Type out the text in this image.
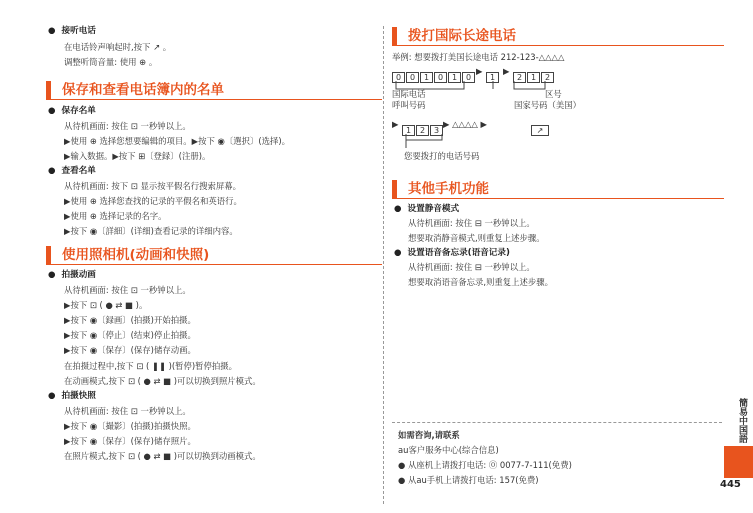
● 接听电话
在电话铃声响起时,按下 ↗ 。
调整听筒音量: 使用 ⊕ 。
保存和查看电话簿内的名单
● 保存名单
从待机画面: 按住 ⊡ 一秒钟以上。
▶使用 ⊕ 选择您想要编辑的项目。▶按下 ◉〔選択〕(选择)。
▶输入数据。▶按下 ⊞〔登録〕(注册)。
● 查看名单
从待机画面: 按下 ⊡ 显示按平假名行搜索屏幕。
▶使用 ⊕ 选择您查找的记录的平假名和英语行。
▶使用 ⊕ 选择记录的名字。
▶按下 ◉〔詳細〕(详细)查看记录的详细内容。
使用照相机(动画和快照)
● 拍摄动画
从待机画面: 按住 ⊡ 一秒钟以上。
▶按下 ⊡ ( ● ⇄ ■ )。
▶按下 ◉〔録画〕(拍摄)开始拍摄。
▶按下 ◉〔停止〕(结束)停止拍摄。
▶按下 ◉〔保存〕(保存)储存动画。
在拍摄过程中,按下 ⊡ ( ❚❚ )(暂停)暂停拍摄。
在动画模式,按下 ⊡ ( ● ⇄ ■ )可以切换到照片模式。
● 拍摄快照
从待机画面: 按住 ⊡ 一秒钟以上。
▶按下 ◉〔撮影〕(拍摄)拍摄快照。
▶按下 ◉〔保存〕(保存)储存照片。
在照片模式,按下 ⊡ ( ● ⇄ ■ )可以切换到动画模式。
拨打国际长途电话
举例: 想要拨打美国长途电话 212-123-△△△△
0 0 1 0 1 0
▶
1
▶
2 1 2
国际电话
呼叫号码
区号
国家号码（美国）
▶
1 2 3
▶ △△△△ ▶
↗
您要拨打的电话号码
其他手机功能
● 设置静音模式
从待机画面: 按住 ⊟ 一秒钟以上。
想要取消静音模式,则重复上述步骤。
● 设置语音备忘录(语音记录)
从待机画面: 按住 ⊟ 一秒钟以上。
想要取消语音备忘录,则重复上述步骤。
如需咨询,请联系
au客户服务中心(综合信息)
● 从座机上请拨打电话: ⓪ 0077-7-111(免费)
● 从au手机上请拨打电话: 157(免费)
簡易中国語
445
